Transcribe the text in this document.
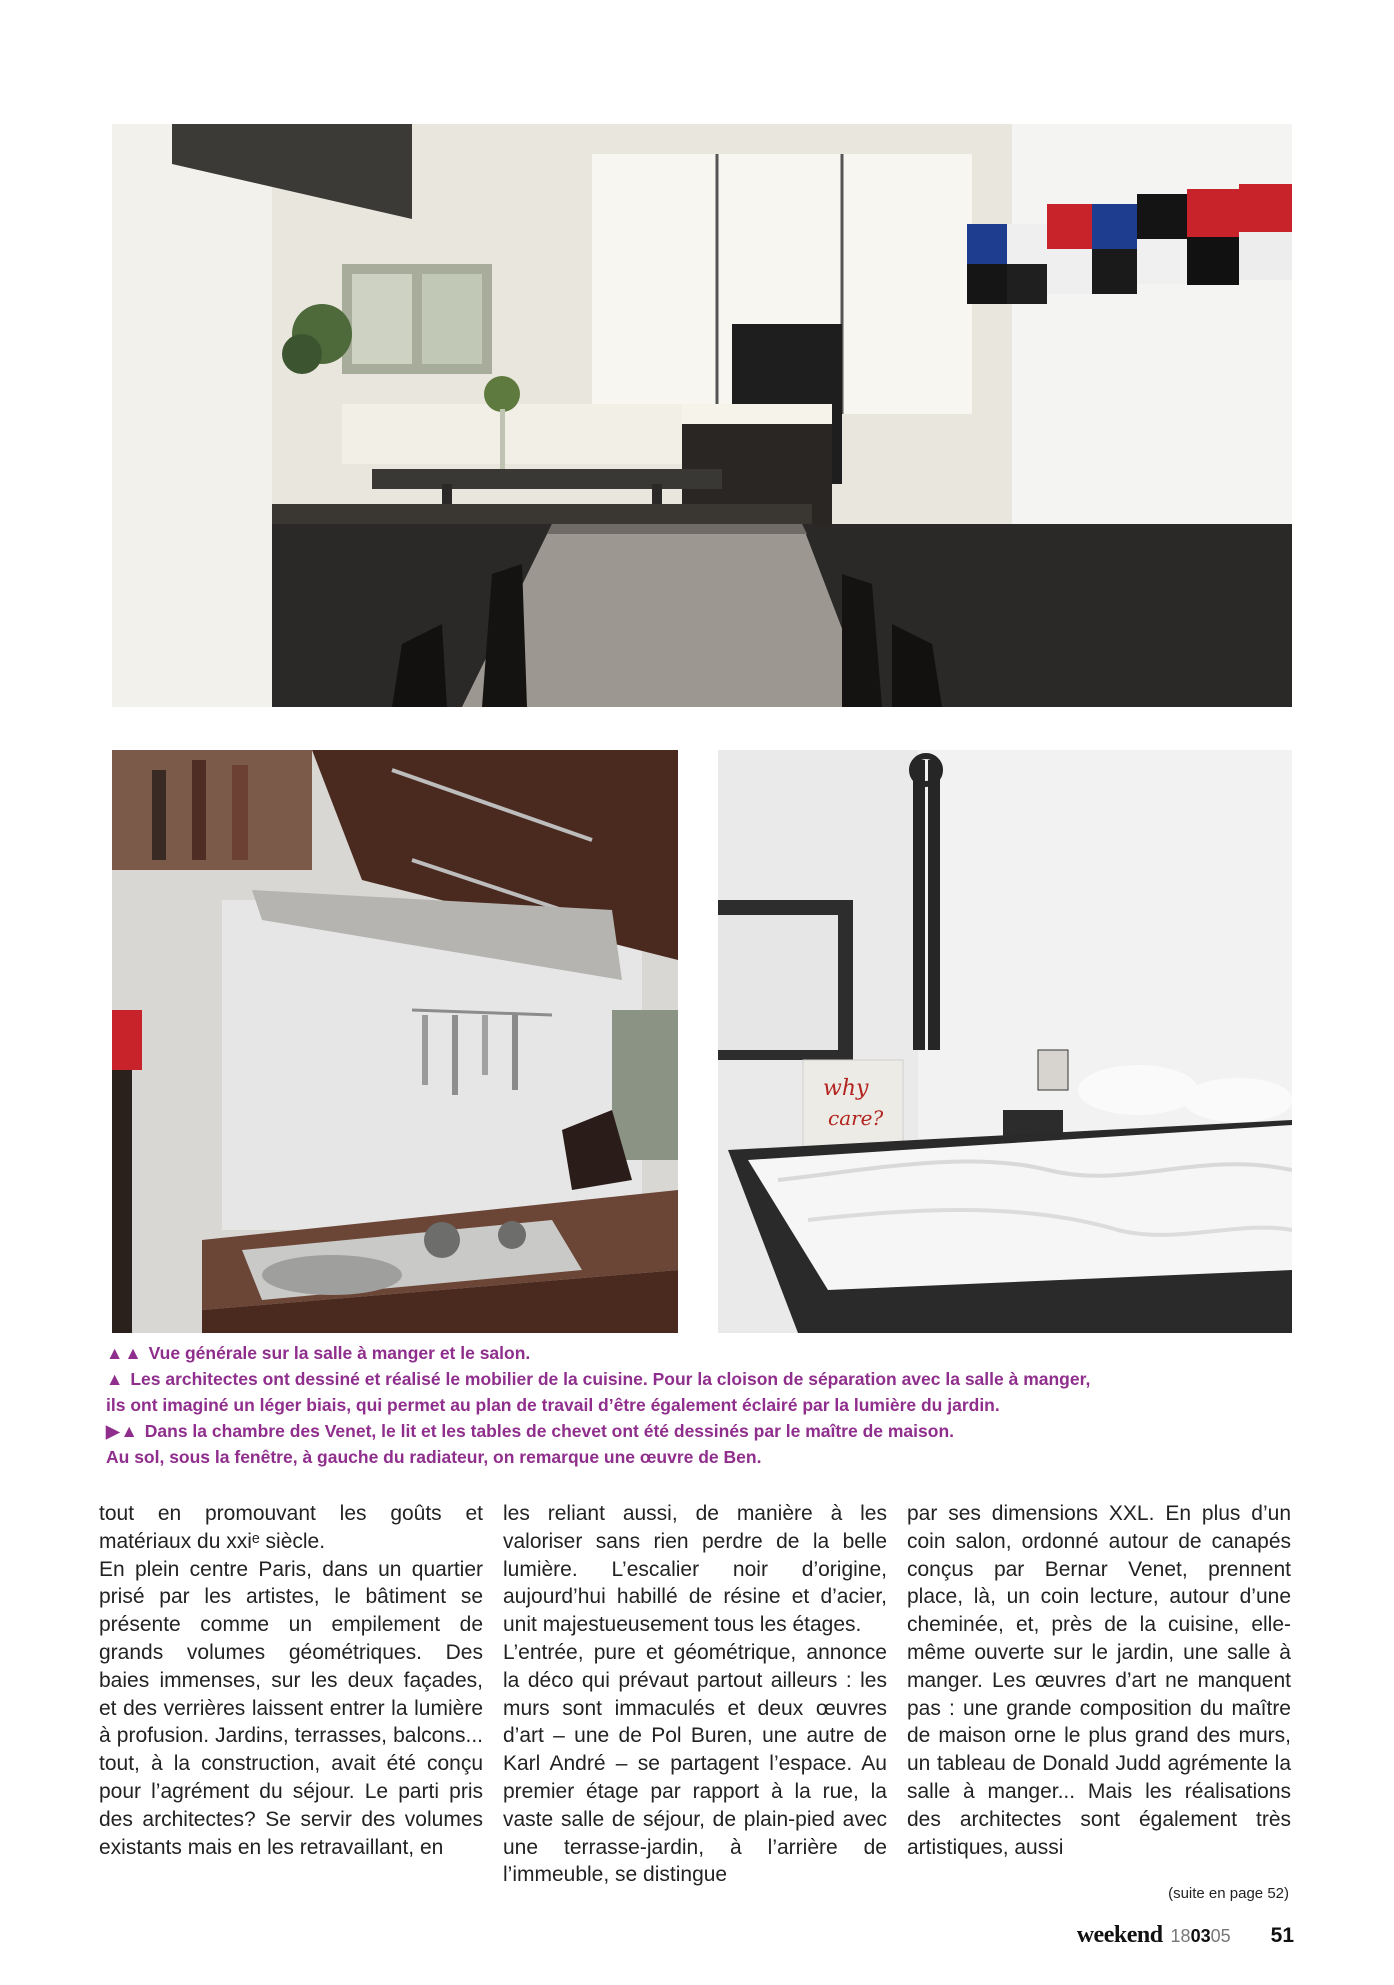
why
care?
▲▲ Vue générale sur la salle à manger et le salon.
▲ Les architectes ont dessiné et réalisé le mobilier de la cuisine. Pour la cloison de séparation avec la salle à manger,
ils ont imaginé un léger biais, qui permet au plan de travail d’être également éclairé par la lumière du jardin.
▶▲ Dans la chambre des Venet, le lit et les tables de chevet ont été dessinés par le maître de maison.
Au sol, sous la fenêtre, à gauche du radiateur, on remarque une œuvre de Ben.

tout en promouvant les goûts et matériaux du xxiᵉ siècle.

En plein centre Paris, dans un quartier prisé par les artistes, le bâtiment se présente comme un empilement de grands volumes géométriques. Des baies immenses, sur les deux façades, et des verrières laissent entrer la lumière à profusion. Jardins, terrasses, balcons... tout, à la construction, avait été conçu pour l’agrément du séjour. Le parti pris des architectes? Se servir des volumes existants mais en les retravaillant, en

les reliant aussi, de manière à les valoriser sans rien perdre de la belle lumière. L’escalier noir d’origine, aujourd’hui habillé de résine et d’acier, unit majestueusement tous les étages.

L’entrée, pure et géométrique, annonce la déco qui prévaut partout ailleurs : les murs sont immaculés et deux œuvres d’art – une de Pol Buren, une autre de Karl André – se partagent l’espace. Au premier étage par rapport à la rue, la vaste salle de séjour, de plain-pied avec une terrasse-jardin, à l’arrière de l’immeuble, se distingue

par ses dimensions XXL. En plus d’un coin salon, ordonné autour de canapés conçus par Bernar Venet, prennent place, là, un coin lecture, autour d’une cheminée, et, près de la cuisine, elle-même ouverte sur le jardin, une salle à manger. Les œuvres d’art ne manquent pas : une grande composition du maître de maison orne le plus grand des murs, un tableau de Donald Judd agrémente la salle à manger... Mais les réalisations des architectes sont également très artistiques, aussi

(suite en page 52)
weekend 180305 51
